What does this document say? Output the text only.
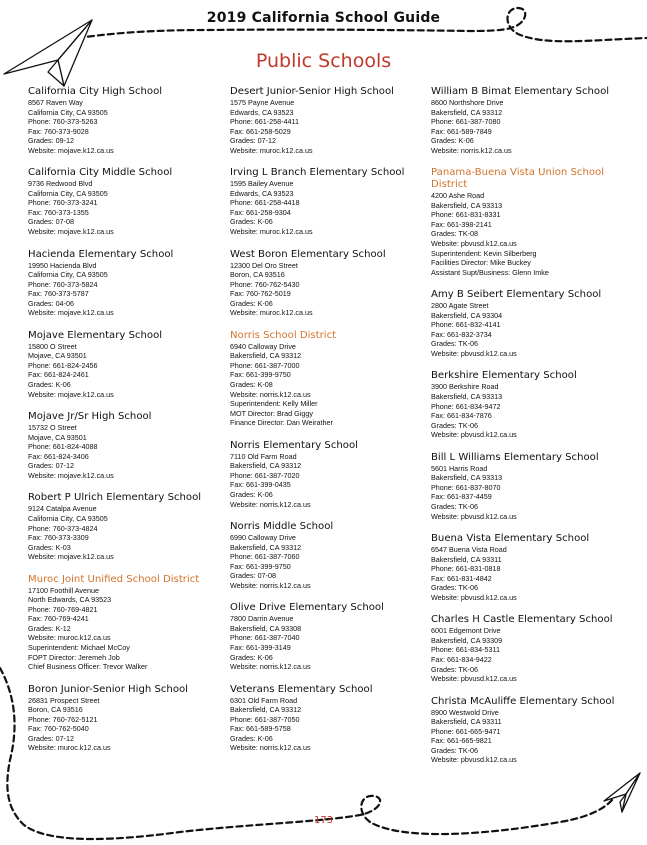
2019 California School Guide
Public Schools
California City High School
8567 Raven Way
California City, CA 93505
Phone: 760-373-5263
Fax: 760-373-9028
Grades: 09-12
Website: mojave.k12.ca.us
California City Middle School
9736 Redwood Blvd
California City, CA 93505
Phone: 760-373-3241
Fax: 760-373-1355
Grades: 07-08
Website: mojave.k12.ca.us
Hacienda Elementary School
19950 Hacienda Blvd
California City, CA 93505
Phone: 760-373-5824
Fax: 760-373-5787
Grades: 04-06
Website: mojave.k12.ca.us
Mojave Elementary School
15800 O Street
Mojave, CA 93501
Phone: 661-824-2456
Fax: 661-824-2461
Grades: K-06
Website: mojave.k12.ca.us
Mojave Jr/Sr High School
15732 O Street
Mojave, CA 93501
Phone: 661-824-4088
Fax: 661-824-3406
Grades: 07-12
Website: mojave.k12.ca.us
Robert P Ulrich Elementary School
9124 Catalpa Avenue
California City, CA 93505
Phone: 760-373-4824
Fax: 760-373-3309
Grades: K-03
Website: mojave.k12.ca.us
Muroc Joint Unified School District
17100 Foothill Avenue
North Edwards, CA 93523
Phone: 760-769-4821
Fax: 760-769-4241
Grades: K-12
Website: muroc.k12.ca.us
Superintendent: Michael McCoy
FOPT Director: Jeremeh Job
Chief Business Officer: Trevor Walker
Boron Junior-Senior High School
26831 Prospect Street
Boron, CA 93516
Phone: 760-762-5121
Fax: 760-762-5040
Grades: 07-12
Website: muroc.k12.ca.us
Desert Junior-Senior High School
1575 Payne Avenue
Edwards, CA 93523
Phone: 661-258-4411
Fax: 661-258-5029
Grades: 07-12
Website: muroc.k12.ca.us
Irving L Branch Elementary School
1595 Bailey Avenue
Edwards, CA 93523
Phone: 661-258-4418
Fax: 661-258-9304
Grades: K-06
Website: muroc.k12.ca.us
West Boron Elementary School
12300 Del Oro Street
Boron, CA 93516
Phone: 760-762-5430
Fax: 760-762-5019
Grades: K-06
Website: muroc.k12.ca.us
Norris School District
6940 Calloway Drive
Bakersfield, CA 93312
Phone: 661-387-7000
Fax: 661-399-9750
Grades: K-08
Website: norris.k12.ca.us
Superintendent: Kelly Miller
MOT Director: Brad Giggy
Finance Director: Dan Weirather
Norris Elementary School
7110 Old Farm Road
Bakersfield, CA 93312
Phone: 661-387-7020
Fax: 661-399-0435
Grades: K-06
Website: norris.k12.ca.us
Norris Middle School
6990 Calloway Drive
Bakersfield, CA 93312
Phone: 661-387-7060
Fax: 661-399-9750
Grades: 07-08
Website: norris.k12.ca.us
Olive Drive Elementary School
7800 Darrin Avenue
Bakersfield, CA 93308
Phone: 661-387-7040
Fax: 661-399-3149
Grades: K-06
Website: norris.k12.ca.us
Veterans Elementary School
6301 Old Farm Road
Bakersfield, CA 93312
Phone: 661-387-7050
Fax: 661-589-5758
Grades: K-06
Website: norris.k12.ca.us
William B Bimat Elementary School
8600 Northshore Drive
Bakersfield, CA 93312
Phone: 661-387-7080
Fax: 661-589-7849
Grades: K-06
Website: norris.k12.ca.us
Panama-Buena Vista Union School District
4200 Ashe Road
Bakersfield, CA 93313
Phone: 661-831-8331
Fax: 661-398-2141
Grades: TK-08
Website: pbvusd.k12.ca.us
Superintendent: Kevin Silberberg
Facilities Director: Mike Buckey
Assistant Supt/Business: Glenn Imke
Amy B Seibert Elementary School
2800 Agate Street
Bakersfield, CA 93304
Phone: 661-832-4141
Fax: 661-832-3734
Grades: TK-06
Website: pbvusd.k12.ca.us
Berkshire Elementary School
3900 Berkshire Road
Bakersfield, CA 93313
Phone: 661-834-9472
Fax: 661-834-7876
Grades: TK-06
Website: pbvusd.k12.ca.us
Bill L Williams Elementary School
5601 Harris Road
Bakersfield, CA 93313
Phone: 661-837-8070
Fax: 661-837-4459
Grades: TK-06
Website: pbvusd.k12.ca.us
Buena Vista Elementary School
6547 Buena Vista Road
Bakersfield, CA 93311
Phone: 661-831-0818
Fax: 661-831-4842
Grades: TK-06
Website: pbvusd.k12.ca.us
Charles H Castle Elementary School
6001 Edgemont Drive
Bakersfield, CA 93309
Phone: 661-834-5311
Fax: 661-834-9422
Grades: TK-06
Website: pbvusd.k12.ca.us
Christa McAuliffe Elementary School
8900 Westwold Drive
Bakersfield, CA 93311
Phone: 661-665-9471
Fax: 661-665-9821
Grades: TK-06
Website: pbvusd.k12.ca.us
173
